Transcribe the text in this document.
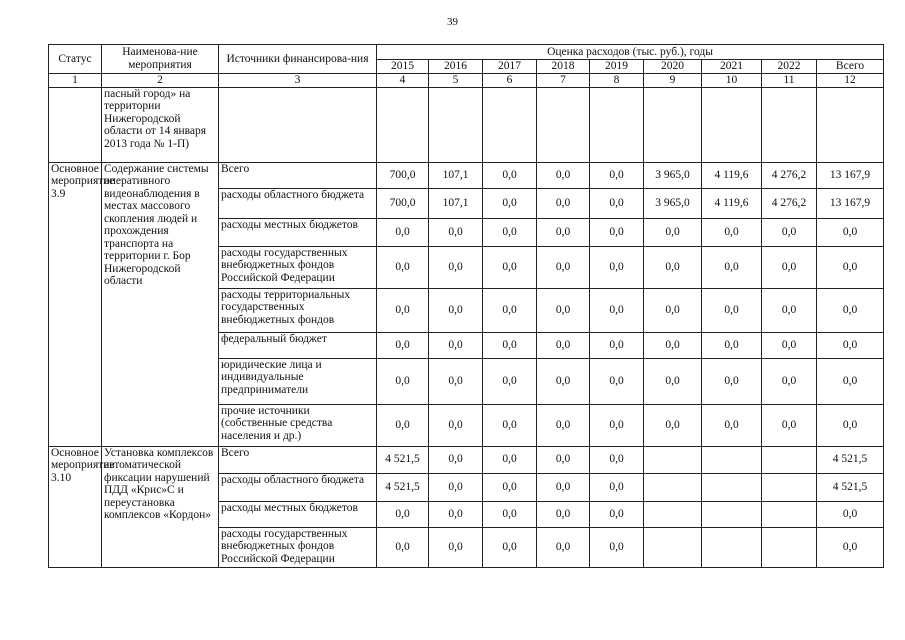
39
Статус	Наименова-ние мероприятия	Источники финансирова-ния	Оценка расходов (тыс. руб.), годы								
			2015	2016	2017	2018	2019	2020	2021	2022	Всего
1	2	3	4	5	6	7	8	9	10	11	12
	пасный город» на территории Нижегородской области от 14 января 2013 года № 1-П)										
Основное мероприятие 3.9	Содержание системы оперативного видеонаблюдения в местах массового скопления людей и прохождения транспорта на территории г. Бор Нижегородской области	Всего	700,0	107,1	0,0	0,0	0,0	3 965,0	4 119,6	4 276,2	13 167,9
		расходы областного бюджета	700,0	107,1	0,0	0,0	0,0	3 965,0	4 119,6	4 276,2	13 167,9
		расходы местных бюджетов	0,0	0,0	0,0	0,0	0,0	0,0	0,0	0,0	0,0
		расходы государственных внебюджетных фондов Российской Федерации	0,0	0,0	0,0	0,0	0,0	0,0	0,0	0,0	0,0
		расходы территориальных государственных внебюджетных фондов	0,0	0,0	0,0	0,0	0,0	0,0	0,0	0,0	0,0
		федеральный бюджет	0,0	0,0	0,0	0,0	0,0	0,0	0,0	0,0	0,0
		юридические лица и индивидуальные предприниматели	0,0	0,0	0,0	0,0	0,0	0,0	0,0	0,0	0,0
		прочие источники (собственные средства населения и др.)	0,0	0,0	0,0	0,0	0,0	0,0	0,0	0,0	0,0
Основное мероприятие 3.10	Установка комплексов автоматической фиксации нарушений ПДД «Крис»С и переустановка комплексов «Кордон»	Всего	4 521,5	0,0	0,0	0,0	0,0				4 521,5
		расходы областного бюджета	4 521,5	0,0	0,0	0,0	0,0				4 521,5
		расходы местных бюджетов	0,0	0,0	0,0	0,0	0,0				0,0
		расходы государственных внебюджетных фондов Российской Федерации	0,0	0,0	0,0	0,0	0,0				0,0
